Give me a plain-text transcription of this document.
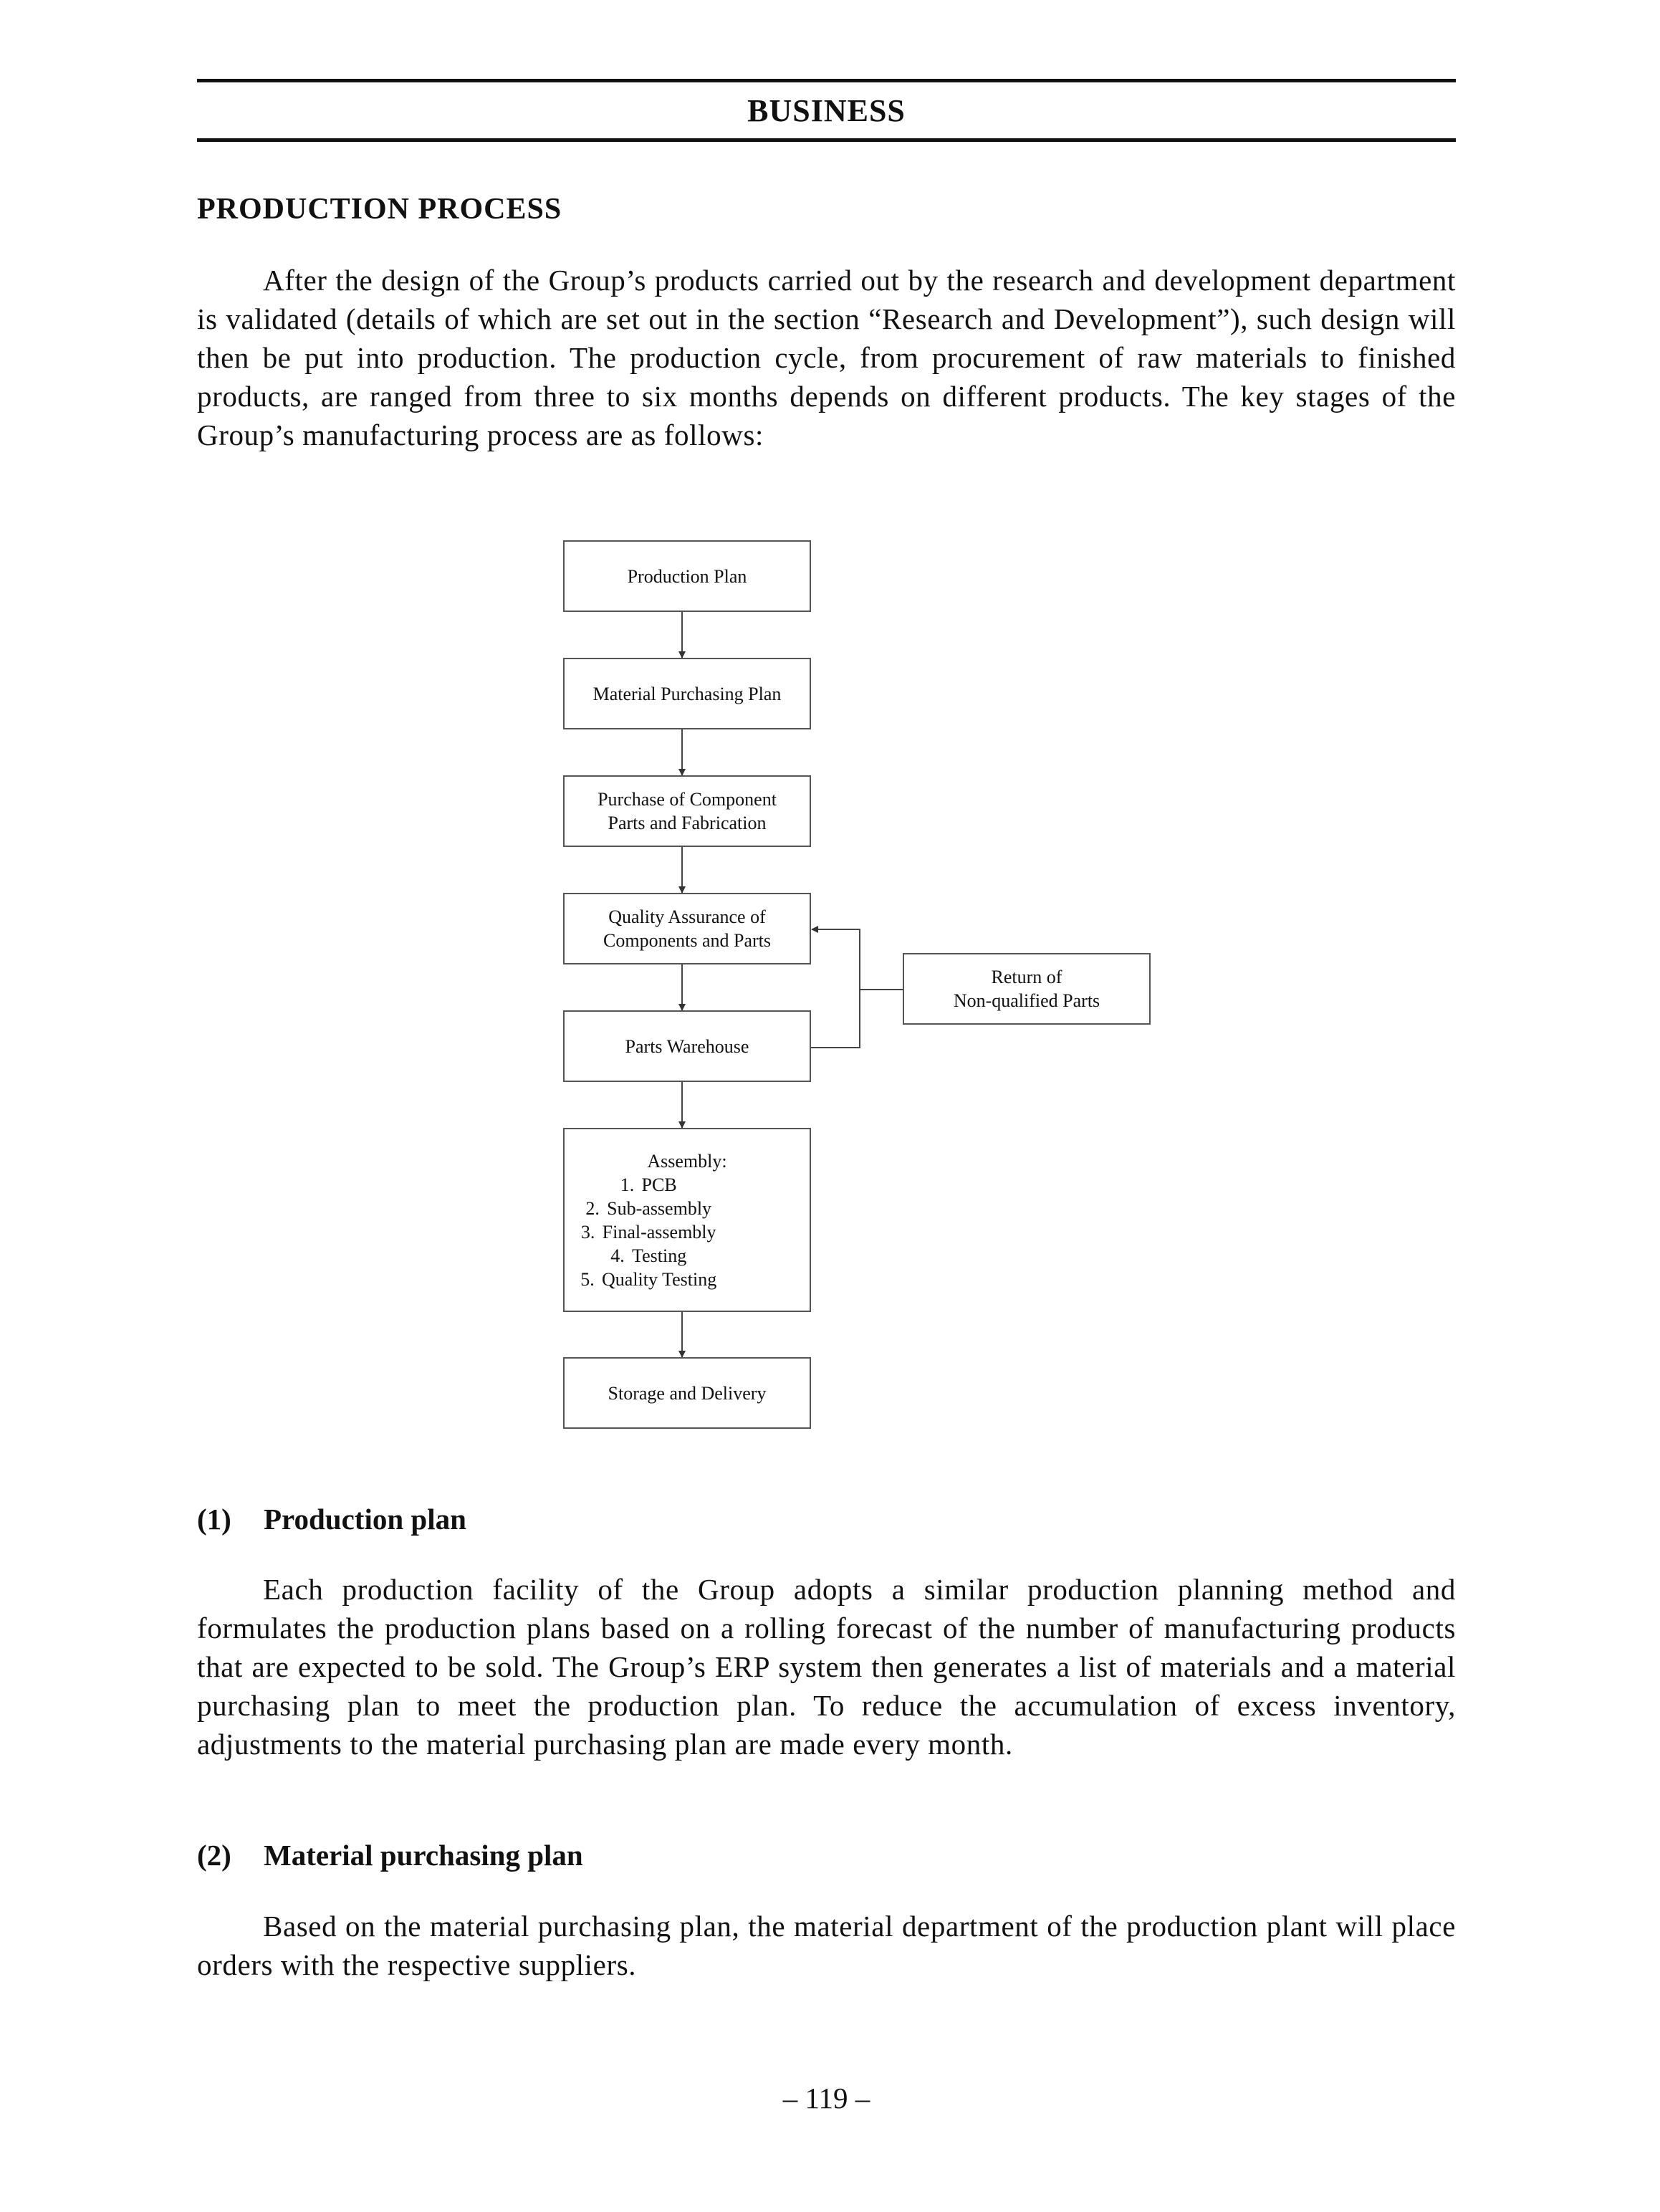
BUSINESS
PRODUCTION PROCESS

After the design of the Group’s products carried out by the research and development department is validated (details of which are set out in the section “Research and Development”), such design will then be put into production. The production cycle, from procurement of raw materials to finished products, are ranged from three to six months depends on different products. The key stages of the Group’s manufacturing process are as follows:

Production Plan
Material Purchasing Plan
Purchase of Component
Parts and Fabrication
Quality Assurance of
Components and Parts
Parts Warehouse
Return of
Non-qualified Parts
Assembly:
1. PCB
2. Sub-assembly
3. Final-assembly
4. Testing
5. Quality Testing
Storage and Delivery
(1) Production plan

Each production facility of the Group adopts a similar production planning method and formulates the production plans based on a rolling forecast of the number of manufacturing products that are expected to be sold. The Group’s ERP system then generates a list of materials and a material purchasing plan to meet the production plan. To reduce the accumulation of excess inventory, adjustments to the material purchasing plan are made every month.

(2) Material purchasing plan

Based on the material purchasing plan, the material department of the production plant will place orders with the respective suppliers.

– 119 –
